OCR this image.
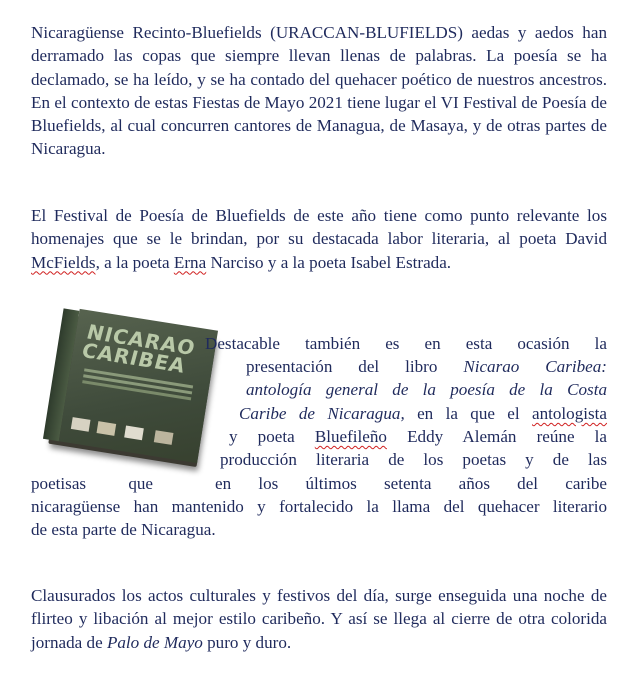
Nicaragüense Recinto-Bluefields (URACCAN-BLUFIELDS) aedas y aedos han derramado las copas que siempre llevan llenas de palabras. La poesía se ha declamado, se ha leído, y se ha contado del quehacer poético de nuestros ancestros. En el contexto de estas Fiestas de Mayo 2021 tiene lugar el VI Festival de Poesía de Bluefields, al cual concurren cantores de Managua, de Masaya, y de otras partes de Nicaragua.

El Festival de Poesía de Bluefields de este año tiene como punto relevante los homenajes que se le brindan, por su destacada labor literaria, al poeta David McFields, a la poeta Erna Narciso y a la poeta Isabel Estrada.

NICARAO CARIBEA Destacable también es en esta ocasión la
presentación del libro Nicarao Caribea:
antología general de la poesía de la Costa
Caribe de Nicaragua, en la que el antologista
y poeta Bluefileño Eddy Alemán reúne la
producción literaria de los poetas y de las
poetisas que	en los últimos setenta años del caribe
nicaragüense han mantenido y fortalecido la llama del quehacer literario
de esta parte de Nicaragua.

Clausurados los actos culturales y festivos del día, surge enseguida una noche de flirteo y libación al mejor estilo caribeño. Y así se llega al cierre de otra colorida jornada de Palo de Mayo puro y duro.
